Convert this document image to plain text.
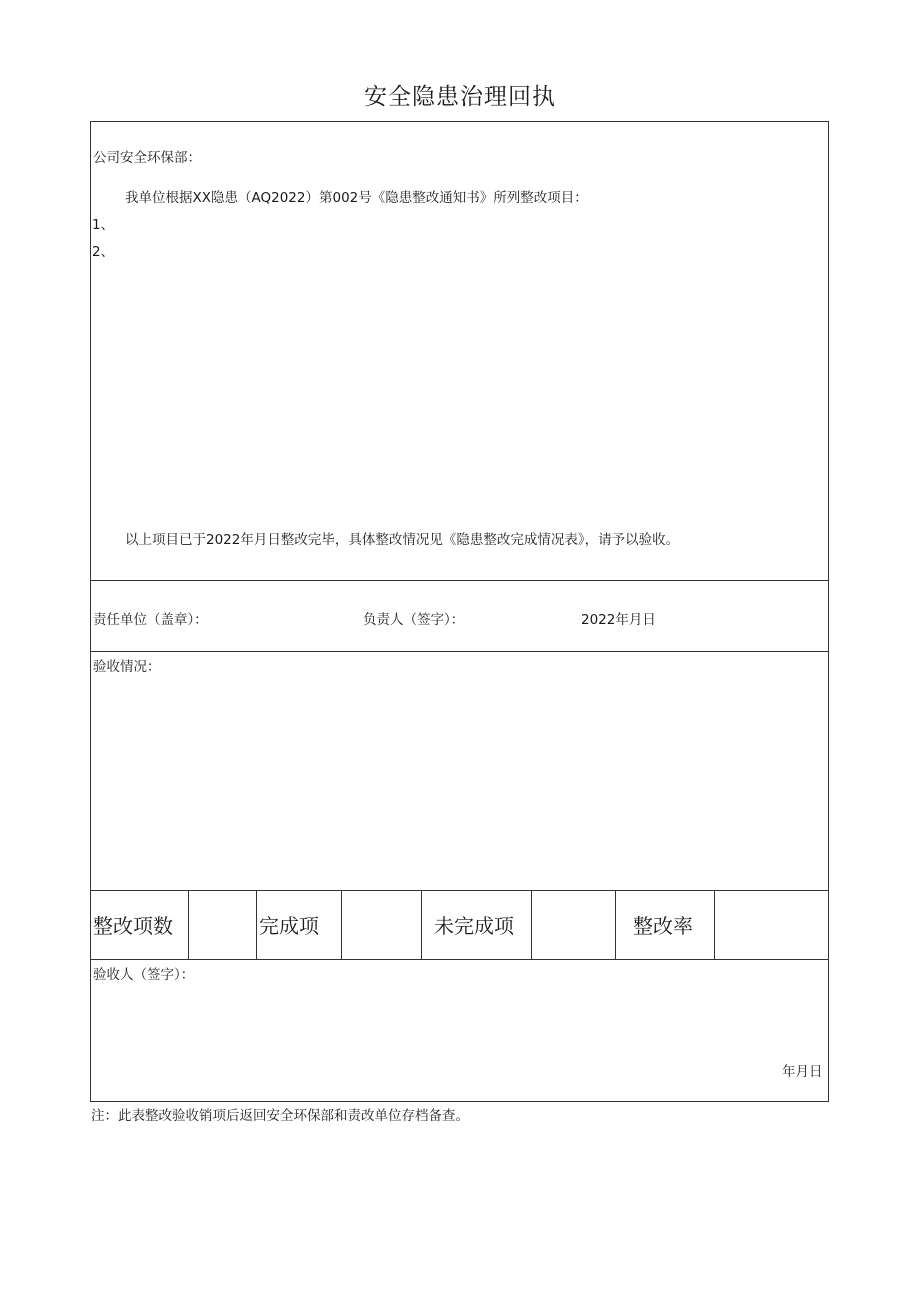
安全隐患治理回执
公司安全环保部：
我单位根据XX隐患（AQ2022）第002号《隐患整改通知书》所列整改项目：
1、
2、
以上项目已于2022年月日整改完毕，具体整改情况见《隐患整改完成情况表》，请予以验收。
责任单位（盖章）：	负责人（签字）：	2022年月日
验收情况：
整改项数	完成项	未完成项	整改率
验收人（签字）：
年月日
注：此表整改验收销项后返回安全环保部和责改单位存档备查。
